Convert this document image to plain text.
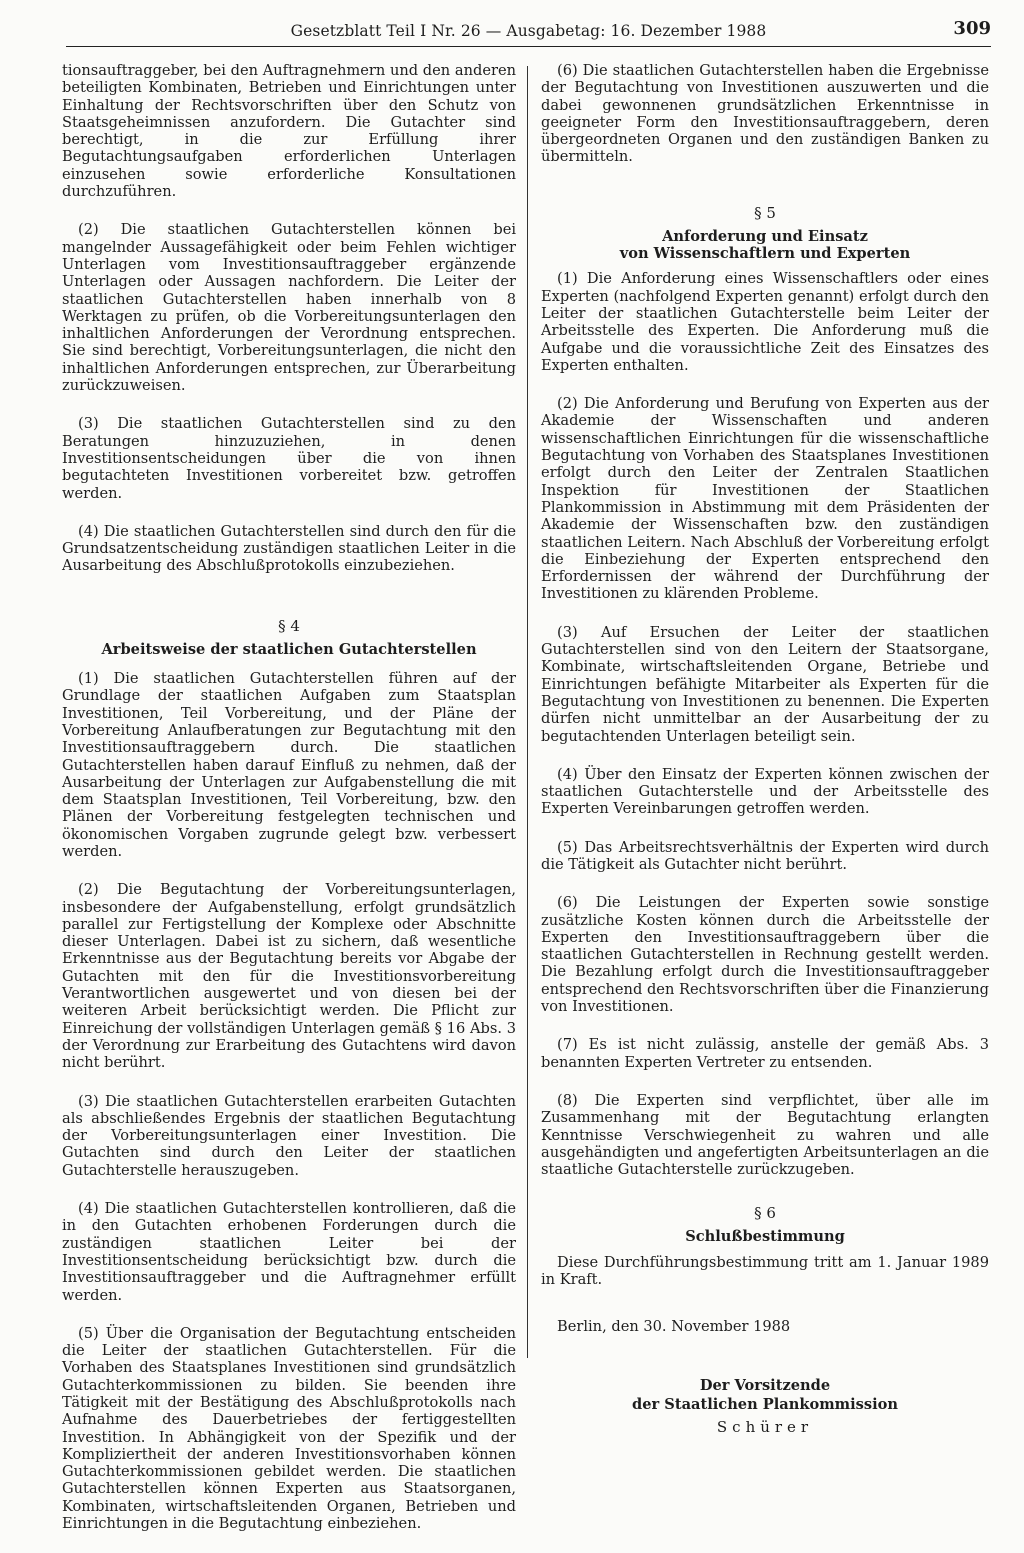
Gesetzblatt Teil I Nr. 26 — Ausgabetag: 16. Dezember 1988	309

tionsauftraggeber, bei den Auftragnehmern und den anderen beteiligten Kombinaten, Betrieben und Einrichtungen unter Einhaltung der Rechtsvorschriften über den Schutz von Staatsgeheimnissen anzufordern. Die Gutachter sind berechtigt, in die zur Erfüllung ihrer Begutachtungsaufgaben erforderlichen Unterlagen einzusehen sowie erforderliche Konsultationen durchzuführen.

(2) Die staatlichen Gutachterstellen können bei mangelnder Aussagefähigkeit oder beim Fehlen wichtiger Unterlagen vom Investitionsauftraggeber ergänzende Unterlagen oder Aussagen nachfordern. Die Leiter der staatlichen Gutachterstellen haben innerhalb von 8 Werktagen zu prüfen, ob die Vorbereitungsunterlagen den inhaltlichen Anforderungen der Verordnung entsprechen. Sie sind berechtigt, Vorbereitungsunterlagen, die nicht den inhaltlichen Anforderungen entsprechen, zur Überarbeitung zurückzuweisen.

(3) Die staatlichen Gutachterstellen sind zu den Beratungen hinzuzuziehen, in denen Investitionsentscheidungen über die von ihnen begutachteten Investitionen vorbereitet bzw. getroffen werden.

(4) Die staatlichen Gutachterstellen sind durch den für die Grundsatzentscheidung zuständigen staatlichen Leiter in die Ausarbeitung des Abschlußprotokolls einzubeziehen.

§ 4
Arbeitsweise der staatlichen Gutachterstellen

(1) Die staatlichen Gutachterstellen führen auf der Grundlage der staatlichen Aufgaben zum Staatsplan Investitionen, Teil Vorbereitung, und der Pläne der Vorbereitung Anlaufberatungen zur Begutachtung mit den Investitionsauftraggebern durch. Die staatlichen Gutachterstellen haben darauf Einfluß zu nehmen, daß der Ausarbeitung der Unterlagen zur Aufgabenstellung die mit dem Staatsplan Investitionen, Teil Vorbereitung, bzw. den Plänen der Vorbereitung festgelegten technischen und ökonomischen Vorgaben zugrunde gelegt bzw. verbessert werden.

(2) Die Begutachtung der Vorbereitungsunterlagen, insbesondere der Aufgabenstellung, erfolgt grundsätzlich parallel zur Fertigstellung der Komplexe oder Abschnitte dieser Unterlagen. Dabei ist zu sichern, daß wesentliche Erkenntnisse aus der Begutachtung bereits vor Abgabe der Gutachten mit den für die Investitionsvorbereitung Verantwortlichen ausgewertet und von diesen bei der weiteren Arbeit berücksichtigt werden. Die Pflicht zur Einreichung der vollständigen Unterlagen gemäß § 16 Abs. 3 der Verordnung zur Erarbeitung des Gutachtens wird davon nicht berührt.

(3) Die staatlichen Gutachterstellen erarbeiten Gutachten als abschließendes Ergebnis der staatlichen Begutachtung der Vorbereitungsunterlagen einer Investition. Die Gutachten sind durch den Leiter der staatlichen Gutachterstelle herauszugeben.

(4) Die staatlichen Gutachterstellen kontrollieren, daß die in den Gutachten erhobenen Forderungen durch die zuständigen staatlichen Leiter bei der Investitionsentscheidung berücksichtigt bzw. durch die Investitionsauftraggeber und die Auftragnehmer erfüllt werden.

(5) Über die Organisation der Begutachtung entscheiden die Leiter der staatlichen Gutachterstellen. Für die Vorhaben des Staatsplanes Investitionen sind grundsätzlich Gutachterkommissionen zu bilden. Sie beenden ihre Tätigkeit mit der Bestätigung des Abschlußprotokolls nach Aufnahme des Dauerbetriebes der fertiggestellten Investition. In Abhängigkeit von der Spezifik und der Kompliziertheit der anderen Investitionsvorhaben können Gutachterkommissionen gebildet werden. Die staatlichen Gutachterstellen können Experten aus Staatsorganen, Kombinaten, wirtschaftsleitenden Organen, Betrieben und Einrichtungen in die Begutachtung einbeziehen.

(6) Die staatlichen Gutachterstellen haben die Ergebnisse der Begutachtung von Investitionen auszuwerten und die dabei gewonnenen grundsätzlichen Erkenntnisse in geeigneter Form den Investitionsauftraggebern, deren übergeordneten Organen und den zuständigen Banken zu übermitteln.

§ 5
Anforderung und Einsatz
von Wissenschaftlern und Experten

(1) Die Anforderung eines Wissenschaftlers oder eines Experten (nachfolgend Experten genannt) erfolgt durch den Leiter der staatlichen Gutachterstelle beim Leiter der Arbeitsstelle des Experten. Die Anforderung muß die Aufgabe und die voraussichtliche Zeit des Einsatzes des Experten enthalten.

(2) Die Anforderung und Berufung von Experten aus der Akademie der Wissenschaften und anderen wissenschaftlichen Einrichtungen für die wissenschaftliche Begutachtung von Vorhaben des Staatsplanes Investitionen erfolgt durch den Leiter der Zentralen Staatlichen Inspektion für Investitionen der Staatlichen Plankommission in Abstimmung mit dem Präsidenten der Akademie der Wissenschaften bzw. den zuständigen staatlichen Leitern. Nach Abschluß der Vorbereitung erfolgt die Einbeziehung der Experten entsprechend den Erfordernissen der während der Durchführung der Investitionen zu klärenden Probleme.

(3) Auf Ersuchen der Leiter der staatlichen Gutachterstellen sind von den Leitern der Staatsorgane, Kombinate, wirtschaftsleitenden Organe, Betriebe und Einrichtungen befähigte Mitarbeiter als Experten für die Begutachtung von Investitionen zu benennen. Die Experten dürfen nicht unmittelbar an der Ausarbeitung der zu begutachtenden Unterlagen beteiligt sein.

(4) Über den Einsatz der Experten können zwischen der staatlichen Gutachterstelle und der Arbeitsstelle des Experten Vereinbarungen getroffen werden.

(5) Das Arbeitsrechtsverhältnis der Experten wird durch die Tätigkeit als Gutachter nicht berührt.

(6) Die Leistungen der Experten sowie sonstige zusätzliche Kosten können durch die Arbeitsstelle der Experten den Investitionsauftraggebern über die staatlichen Gutachterstellen in Rechnung gestellt werden. Die Bezahlung erfolgt durch die Investitionsauftraggeber entsprechend den Rechtsvorschriften über die Finanzierung von Investitionen.

(7) Es ist nicht zulässig, anstelle der gemäß Abs. 3 benannten Experten Vertreter zu entsenden.

(8) Die Experten sind verpflichtet, über alle im Zusammenhang mit der Begutachtung erlangten Kenntnisse Verschwiegenheit zu wahren und alle ausgehändigten und angefertigten Arbeitsunterlagen an die staatliche Gutachterstelle zurückzugeben.

§ 6
Schlußbestimmung

Diese Durchführungsbestimmung tritt am 1. Januar 1989 in Kraft.

Berlin, den 30. November 1988

Der Vorsitzende
der Staatlichen Plankommission
Schürer
